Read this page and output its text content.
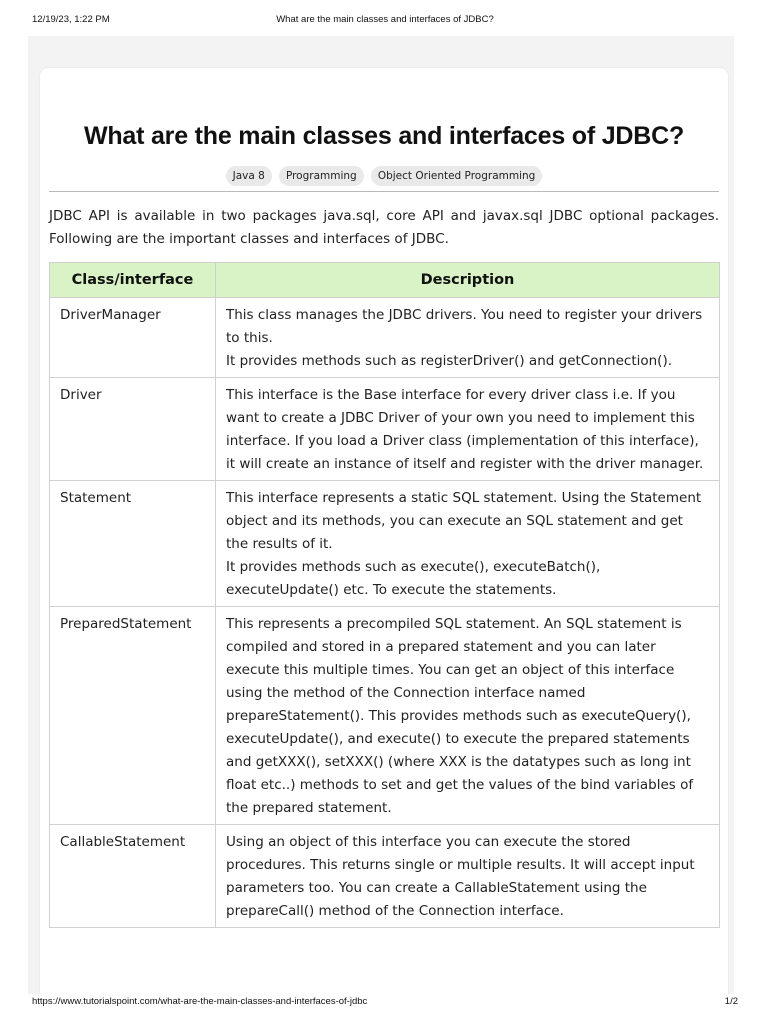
12/19/23, 1:22 PM	What are the main classes and interfaces of JDBC?
What are the main classes and interfaces of JDBC?
Java 8 Programming Object Oriented Programming

JDBC API is available in two packages java.sql, core API and javax.sql JDBC optional packages. Following are the important classes and interfaces of JDBC.

Class/interface	Description
DriverManager	This class manages the JDBC drivers. You need to register your drivers to this.
It provides methods such as registerDriver() and getConnection().

Driver	This interface is the Base interface for every driver class i.e. If you want to create a JDBC Driver of your own you need to implement this interface. If you load a Driver class (implementation of this interface), it will create an instance of itself and register with the driver manager.

Statement	This interface represents a static SQL statement. Using the Statement object and its methods, you can execute an SQL statement and get the results of it.
It provides methods such as execute(), executeBatch(), executeUpdate() etc. To execute the statements.

PreparedStatement	This represents a precompiled SQL statement. An SQL statement is compiled and stored in a prepared statement and you can later execute this multiple times. You can get an object of this interface using the method of the Connection interface named prepareStatement(). This provides methods such as executeQuery(), executeUpdate(), and execute() to execute the prepared statements and getXXX(), setXXX() (where XXX is the datatypes such as long int float etc..) methods to set and get the values of the bind variables of the prepared statement.

CallableStatement	Using an object of this interface you can execute the stored procedures. This returns single or multiple results. It will accept input parameters too. You can create a CallableStatement using the prepareCall() method of the Connection interface.
https://www.tutorialspoint.com/what-are-the-main-classes-and-interfaces-of-jdbc	1/2
